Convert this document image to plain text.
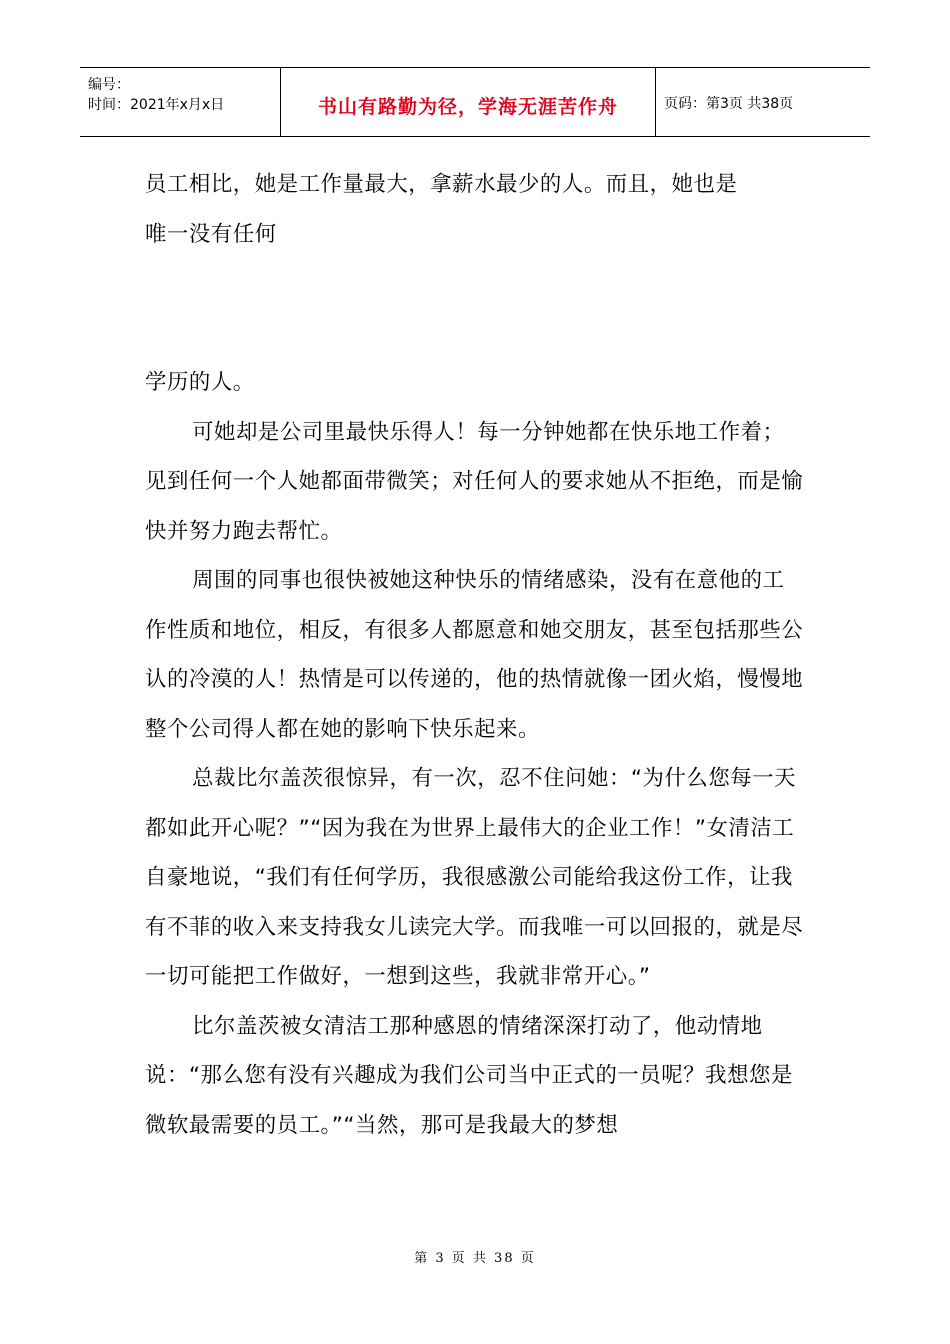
编号：
时间：2021年x月x日	书山有路勤为径，学海无涯苦作舟	页码：第3页 共38页

员工相比，她是工作量最大，拿薪水最少的人。而且，她也是

唯一没有任何

学历的人。

可她却是公司里最快乐得人！每一分钟她都在快乐地工作着；见到任何一个人她都面带微笑；对任何人的要求她从不拒绝，而是愉快并努力跑去帮忙。

周围的同事也很快被她这种快乐的情绪感染，没有在意他的工作性质和地位，相反，有很多人都愿意和她交朋友，甚至包括那些公认的冷漠的人！热情是可以传递的，他的热情就像一团火焰，慢慢地整个公司得人都在她的影响下快乐起来。

总裁比尔盖茨很惊异，有一次，忍不住问她：“为什么您每一天都如此开心呢？”“因为我在为世界上最伟大的企业工作！”女清洁工自豪地说，“我们有任何学历，我很感激公司能给我这份工作，让我有不菲的收入来支持我女儿读完大学。而我唯一可以回报的，就是尽一切可能把工作做好，一想到这些，我就非常开心。”

比尔盖茨被女清洁工那种感恩的情绪深深打动了，他动情地说：“那么您有没有兴趣成为我们公司当中正式的一员呢？我想您是微软最需要的员工。”“当然，那可是我最大的梦想

第 3 页 共 38 页
